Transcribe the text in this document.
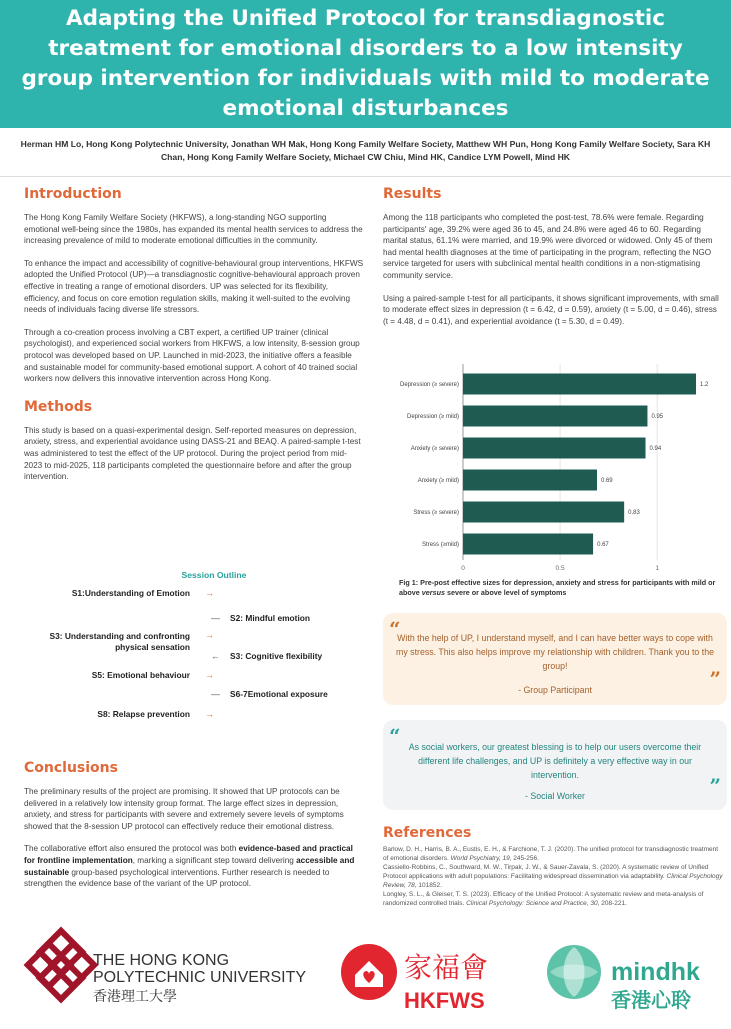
Adapting the Unified Protocol for transdiagnostic treatment for emotional disorders to a low intensity group intervention for individuals with mild to moderate emotional disturbances
Herman HM Lo, Hong Kong Polytechnic University, Jonathan WH Mak, Hong Kong Family Welfare Society, Matthew WH Pun, Hong Kong Family Welfare Society, Sara KH Chan, Hong Kong Family Welfare Society, Michael CW Chiu, Mind HK, Candice LYM Powell, Mind HK
Introduction

The Hong Kong Family Welfare Society (HKFWS), a long-standing NGO supporting emotional well-being since the 1980s, has expanded its mental health services to address the increasing prevalence of mild to moderate emotional difficulties in the community.

To enhance the impact and accessibility of cognitive-behavioural group interventions, HKFWS adopted the Unified Protocol (UP)—a transdiagnostic cognitive-behavioural approach proven effective in treating a range of emotional disorders. UP was selected for its flexibility, efficiency, and focus on core emotion regulation skills, making it well-suited to the evolving needs of individuals facing diverse life stressors.

Through a co-creation process involving a CBT expert, a certified UP trainer (clinical psychologist), and experienced social workers from HKFWS, a low intensity, 8-session group protocol was developed based on UP. Launched in mid-2023, the initiative offers a feasible and sustainable model for community-based emotional support. A cohort of 40 trained social workers now delivers this innovative intervention across Hong Kong.

Methods

This study is based on a quasi-experimental design. Self-reported measures on depression, anxiety, stress, and experiential avoidance using DASS-21 and BEAQ. A paired-sample t-test was administered to test the effect of the UP protocol. During the project period from mid-2023 to mid-2025, 118 participants completed the questionnaire before and after the group intervention.

Session Outline
S1:Understanding of Emotion →
— S2: Mindful emotion
S3: Understanding and confronting physical sensation
→
← S3: Cognitive flexibility
S5: Emotional behaviour →
— S6-7Emotional exposure
S8: Relapse prevention →
Conclusions

The preliminary results of the project are promising. It showed that UP protocols can be delivered in a relatively low intensity group format. The large effect sizes in depression, anxiety, and stress for participants with severe and extremely severe levels of symptoms showed that the 8-session UP protocol can effectively reduce their emotional distress.

The collaborative effort also ensured the protocol was both evidence-based and practical for frontline implementation, marking a significant step toward delivering accessible and sustainable group-based psychological interventions. Further research is needed to strengthen the evidence base of the variant of the UP protocol.

Results

Among the 118 participants who completed the post-test, 78.6% were female. Regarding participants' age, 39.2% were aged 36 to 45, and 24.8% were aged 46 to 60. Regarding marital status, 61.1% were married, and 19.9% were divorced or widowed. Only 45 of them had mental health diagnoses at the time of participating in the program, reflecting the NGO service targeted for users with subclinical mental health conditions in a non-stigmatising community service.

Using a paired-sample t-test for all participants, it shows significant improvements, with small to moderate effect sizes in depression (t = 6.42, d = 0.59), anxiety (t = 5.00, d = 0.46), stress (t = 4.48, d = 0.41), and experiential avoidance (t = 5.30, d = 0.49).

0	0.5	1
Depression (≥ severe)	1.2
Depression (≥ mild)	0.95
Anxiety (≥ severe)	0.94
Anxiety (≥ mild)	0.69
Stress (≥ severe)	0.83
Stress (≥mild)	0.67
Fig 1: Pre-post effective sizes for depression, anxiety and stress for participants with mild or above versus severe or above level of symptoms
“
With the help of UP, I understand myself, and I can have better ways to cope with my stress. This also helps improve my relationship with children. Thank you to the group!
- Group Participant	”
“ As social workers, our greatest blessing is to help our users overcome their different life challenges, and UP is definitely a very effective way in our intervention.
- Social Worker	”
References

Barlow, D. H., Harris, B. A., Eustis, E. H., & Farchione, T. J. (2020). The unified protocol for transdiagnostic treatment of emotional disorders. World Psychiatry, 19, 245-256.

Cassiello-Robbins, C., Southward, M. W., Tirpak, J. W., & Sauer-Zavala, S. (2020). A systematic review of Unified Protocol applications with adult populations: Facilitating widespread dissemination via adaptability. Clinical Psychology Review, 78, 101852.

Longley, S. L., & Gleiser, T. S. (2023). Efficacy of the Unified Protocol: A systematic review and meta-analysis of randomized controlled trials. Clinical Psychology: Science and Practice, 30, 208-221.

THE HONG KONG
POLYTECHNIC UNIVERSITY
香港理工大學
家福會
HKFWS
mindhk
香港心聆
